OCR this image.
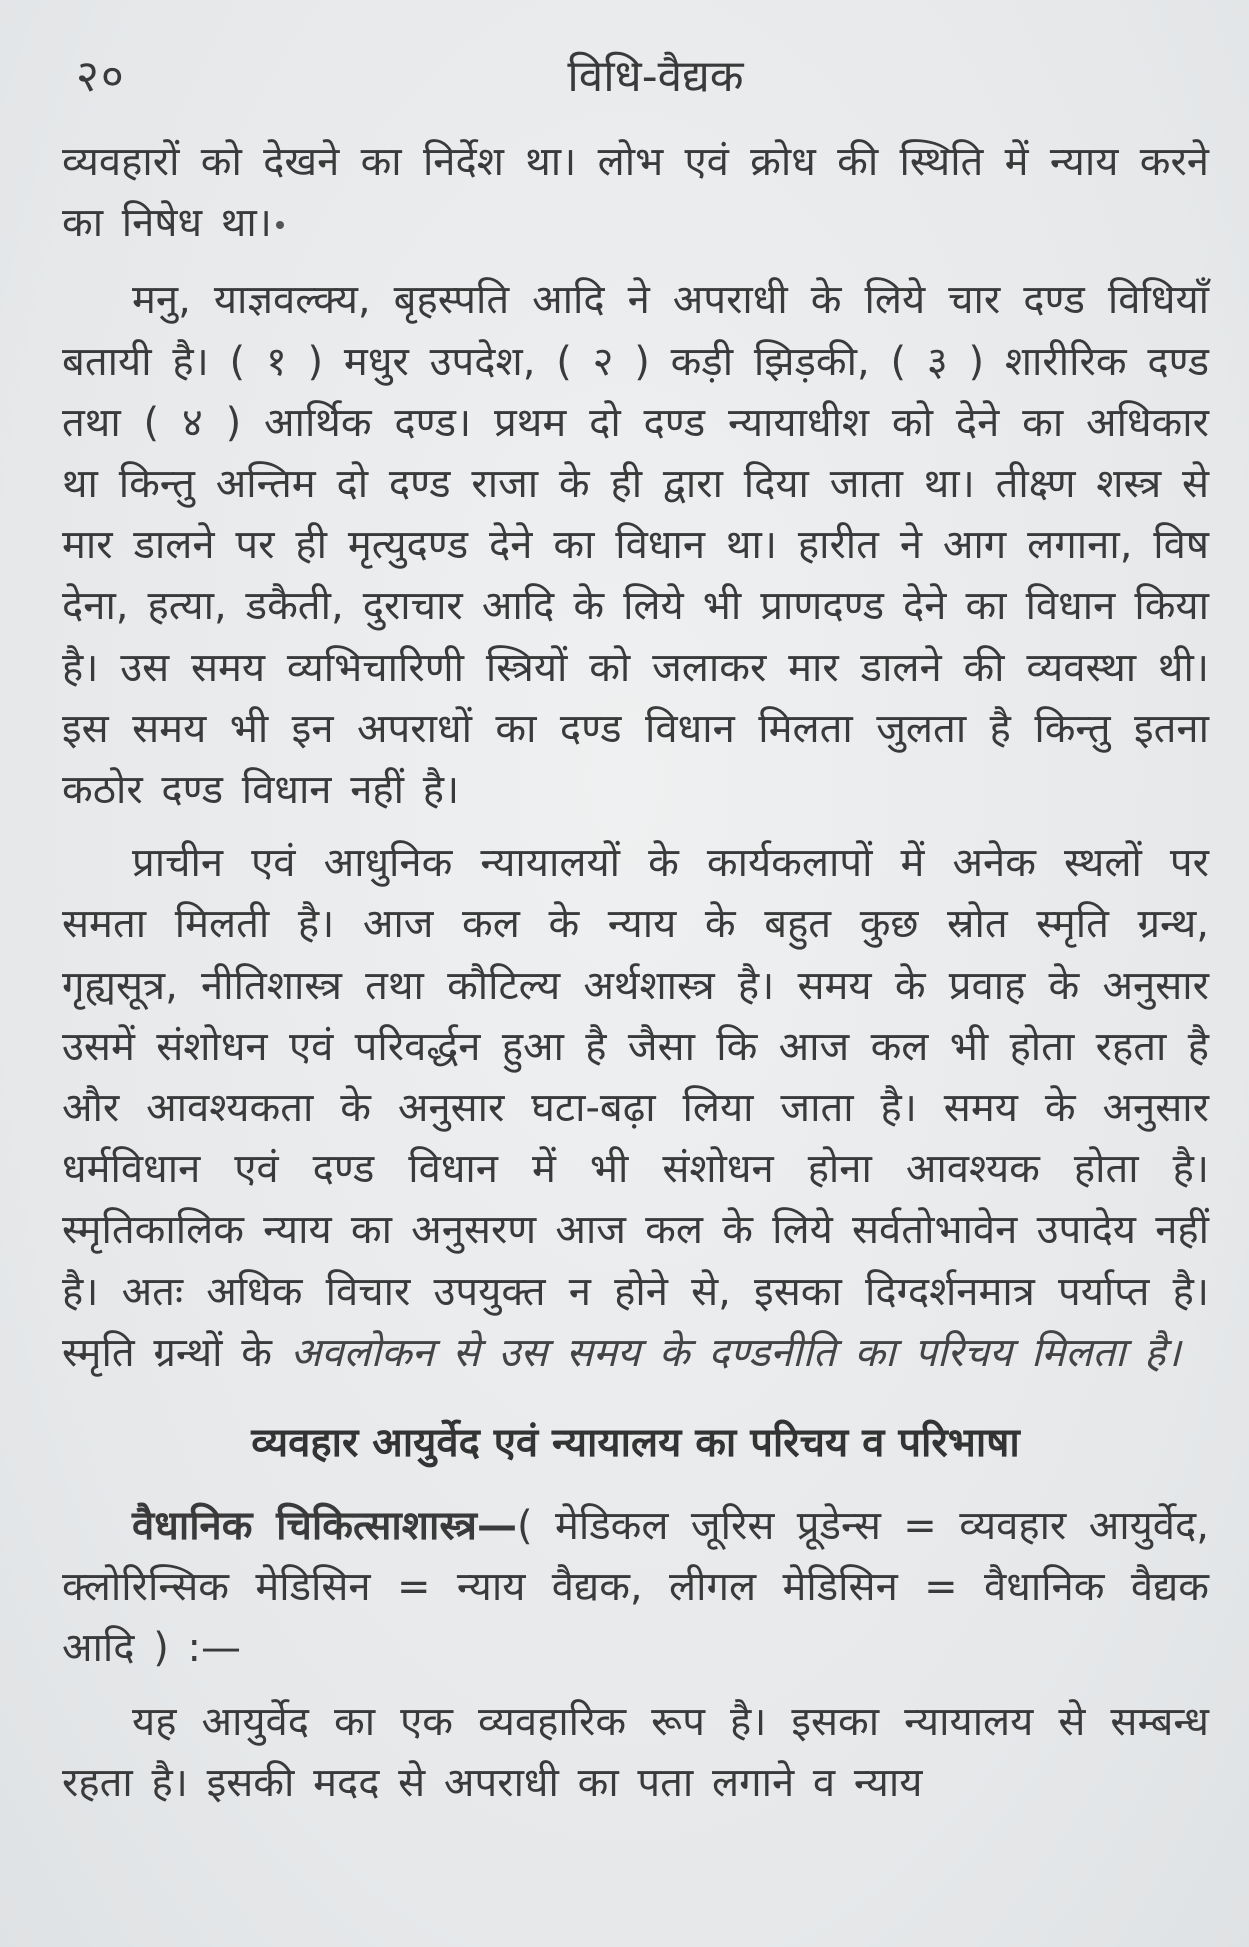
२०	विधि-वैद्यक

व्यवहारों को देखने का निर्देश था। लोभ एवं क्रोध की स्थिति में न्याय करने का निषेध था।

मनु, याज्ञवल्क्य, बृहस्पति आदि ने अपराधी के लिये चार दण्ड विधियाँ बतायी है। ( १ ) मधुर उपदेश, ( २ ) कड़ी झिड़की, ( ३ ) शारीरिक दण्ड तथा ( ४ ) आर्थिक दण्ड। प्रथम दो दण्ड न्यायाधीश को देने का अधिकार था किन्तु अन्तिम दो दण्ड राजा के ही द्वारा दिया जाता था। तीक्ष्ण शस्त्र से मार डालने पर ही मृत्युदण्ड देने का विधान था। हारीत ने आग लगाना, विष देना, हत्या, डकैती, दुराचार आदि के लिये भी प्राणदण्ड देने का विधान किया है। उस समय व्यभिचारिणी स्त्रियों को जलाकर मार डालने की व्यवस्था थी। इस समय भी इन अपराधों का दण्ड विधान मिलता जुलता है किन्तु इतना कठोर दण्ड विधान नहीं है।

प्राचीन एवं आधुनिक न्यायालयों के कार्यकलापों में अनेक स्थलों पर समता मिलती है। आज कल के न्याय के बहुत कुछ स्रोत स्मृति ग्रन्थ, गृह्यसूत्र, नीतिशास्त्र तथा कौटिल्य अर्थशास्त्र है। समय के प्रवाह के अनुसार उसमें संशोधन एवं परिवर्द्धन हुआ है जैसा कि आज कल भी होता रहता है और आवश्यकता के अनुसार घटा-बढ़ा लिया जाता है। समय के अनुसार धर्मविधान एवं दण्ड विधान में भी संशोधन होना आवश्यक होता है। स्मृतिकालिक न्याय का अनुसरण आज कल के लिये सर्वतोभावेन उपादेय नहीं है। अतः अधिक विचार उपयुक्त न होने से, इसका दिग्दर्शनमात्र पर्याप्त है। स्मृति ग्रन्थों के अवलोकन से उस समय के दण्डनीति का परिचय मिलता है।

व्यवहार आयुर्वेद एवं न्यायालय का परिचय व परिभाषा

वैधानिक चिकित्साशास्त्र—( मेडिकल जूरिस प्रूडेन्स = व्यवहार आयुर्वेद, क्लोरिन्सिक मेडिसिन = न्याय वैद्यक, लीगल मेडिसिन = वैधानिक वैद्यक आदि ) :—

यह आयुर्वेद का एक व्यवहारिक रूप है। इसका न्यायालय से सम्बन्ध रहता है। इसकी मदद से अपराधी का पता लगाने व न्याय
